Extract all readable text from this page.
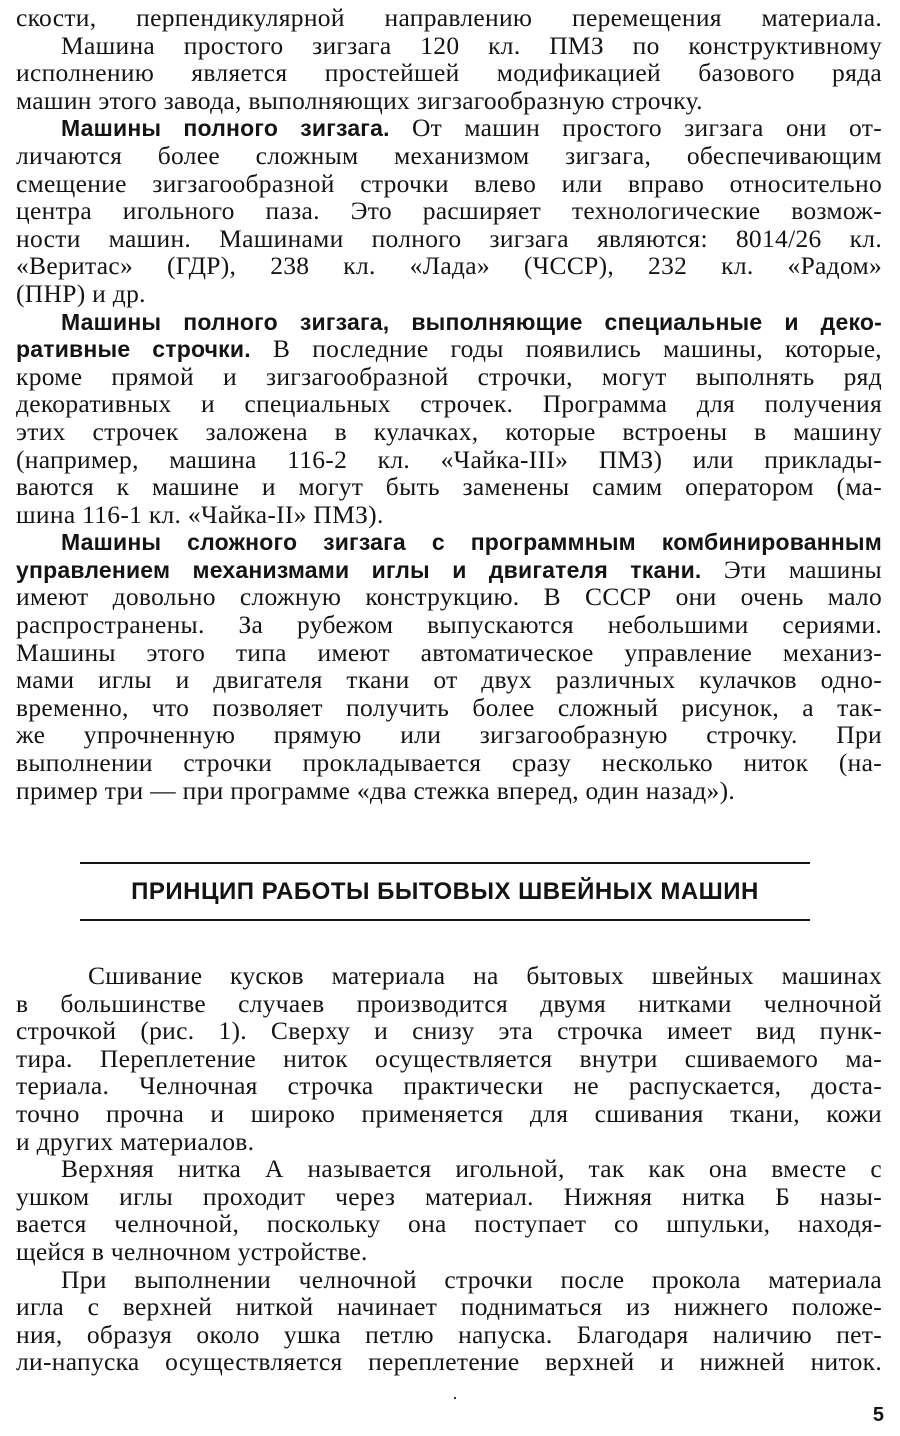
скости, перпендикулярной направлению перемещения материала.
Машина простого зигзага 120 кл. ПМЗ по конструктивному
исполнению является простейшей модификацией базового ряда
машин этого завода, выполняющих зигзагообразную строчку.
Машины полного зигзага. От машин простого зигзага они от-
личаются более сложным механизмом зигзага, обеспечивающим
смещение зигзагообразной строчки влево или вправо относительно
центра игольного паза. Это расширяет технологические возмож-
ности машин. Машинами полного зигзага являются: 8014/26 кл.
«Веритас» (ГДР), 238 кл. «Лада» (ЧССР), 232 кл. «Радом»
(ПНР) и др.
Машины полного зигзага, выполняющие специальные и деко-
ративные строчки. В последние годы появились машины, которые,
кроме прямой и зигзагообразной строчки, могут выполнять ряд
декоративных и специальных строчек. Программа для получения
этих строчек заложена в кулачках, которые встроены в машину
(например, машина 116-2 кл. «Чайка-III» ПМЗ) или приклады-
ваются к машине и могут быть заменены самим оператором (ма-
шина 116-1 кл. «Чайка-II» ПМЗ).
Машины сложного зигзага с программным комбинированным
управлением механизмами иглы и двигателя ткани. Эти машины
имеют довольно сложную конструкцию. В СССР они очень мало
распространены. За рубежом выпускаются небольшими сериями.
Машины этого типа имеют автоматическое управление механиз-
мами иглы и двигателя ткани от двух различных кулачков одно-
временно, что позволяет получить более сложный рисунок, а так-
же упрочненную прямую или зигзагообразную строчку. При
выполнении строчки прокладывается сразу несколько ниток (на-
пример три — при программе «два стежка вперед, один назад»).
ПРИНЦИП РАБОТЫ БЫТОВЫХ ШВЕЙНЫХ МАШИН
Сшивание кусков материала на бытовых швейных машинах
в большинстве случаев производится двумя нитками челночной
строчкой (рис. 1). Сверху и снизу эта строчка имеет вид пунк-
тира. Переплетение ниток осуществляется внутри сшиваемого ма-
териала. Челночная строчка практически не распускается, доста-
точно прочна и широко применяется для сшивания ткани, кожи
и других материалов.
Верхняя нитка А называется игольной, так как она вместе с
ушком иглы проходит через материал. Нижняя нитка Б назы-
вается челночной, поскольку она поступает со шпульки, находя-
щейся в челночном устройстве.
При выполнении челночной строчки после прокола материала
игла с верхней ниткой начинает подниматься из нижнего положе-
ния, образуя около ушка петлю напуска. Благодаря наличию пет-
ли-напуска осуществляется переплетение верхней и нижней ниток.
·
5
